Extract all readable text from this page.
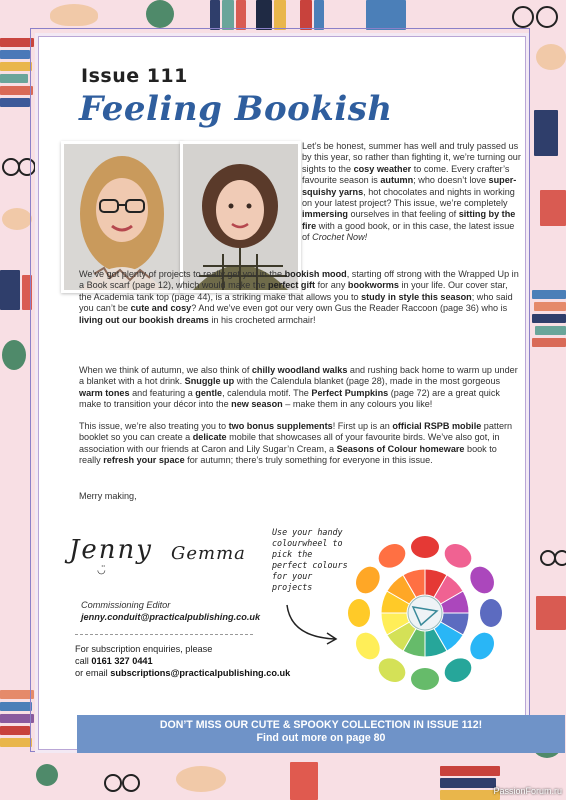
Issue 111
Feeling Bookish
Let’s be honest, summer has well and truly passed us by this year, so rather than fighting it, we’re turning our sights to the cosy weather to come. Every crafter’s favourite season is autumn; who doesn’t love super-squishy yarns, hot chocolates and nights in working on your latest project? This issue, we’re completely immersing ourselves in that feeling of sitting by the fire with a good book, or in this case, the latest issue of Crochet Now!
We’ve got plenty of projects to really get you in the bookish mood, starting off strong with the Wrapped Up in a Book scarf (page 12), which would make the perfect gift for any bookworms in your life. Our cover star, the Academia tank top (page 44), is a striking make that allows you to study in style this season; who said you can’t be cute and cosy? And we’ve even got our very own Gus the Reader Raccoon (page 36) who is living out our bookish dreams in his crocheted armchair!
When we think of autumn, we also think of chilly woodland walks and rushing back home to warm up under a blanket with a hot drink. Snuggle up with the Calendula blanket (page 28), made in the most gorgeous warm tones and featuring a gentle, calendula motif. The Perfect Pumpkins (page 72) are a great quick make to transition your décor into the new season – make them in any colours you like!
This issue, we’re also treating you to two bonus supplements! First up is an official RSPB mobile pattern booklet so you can create a delicate mobile that showcases all of your favourite birds. We’ve also got, in association with our friends at Caron and Lily Sugar’n Cream, a Seasons of Colour homeware book to really refresh your space for autumn; there’s truly something for everyone in this issue.
Merry making,
Jenny Gemma
◡̈
Commissioning Editor
jenny.conduit@practicalpublishing.co.uk
For subscription enquiries, please
call 0161 327 0441
or email subscriptions@practicalpublishing.co.uk
Use your handy colourwheel to pick the perfect colours for your projects
DON’T MISS OUR CUTE & SPOOKY COLLECTION IN ISSUE 112!
Find out more on page 80
PassionForum.ru
